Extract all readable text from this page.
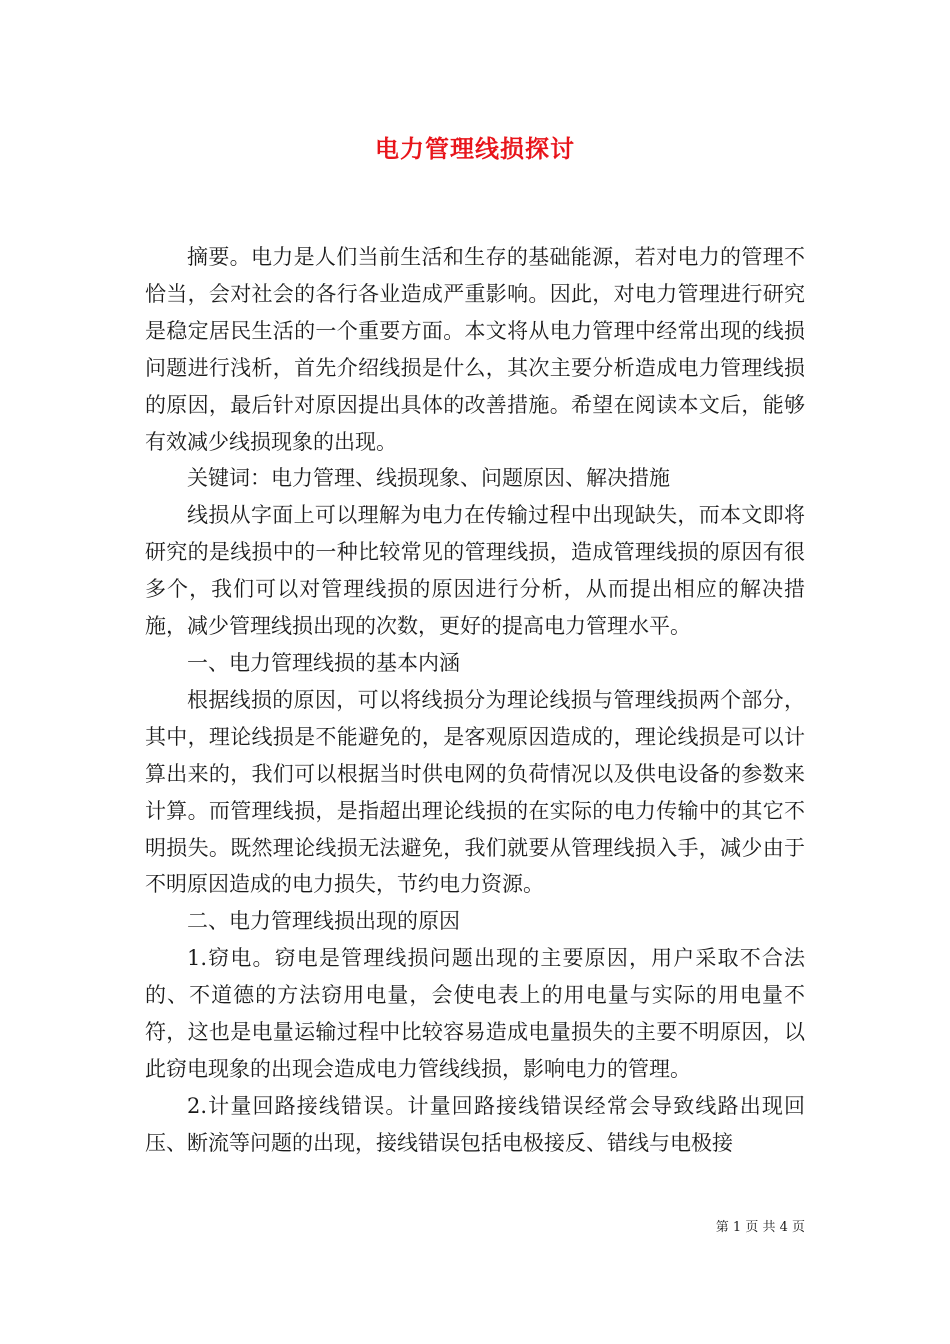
电力管理线损探讨

摘要。电力是人们当前生活和生存的基础能源，若对电力的管理不恰当，会对社会的各行各业造成严重影响。因此，对电力管理进行研究是稳定居民生活的一个重要方面。本文将从电力管理中经常出现的线损问题进行浅析，首先介绍线损是什么，其次主要分析造成电力管理线损的原因，最后针对原因提出具体的改善措施。希望在阅读本文后，能够有效减少线损现象的出现。

关键词：电力管理、线损现象、问题原因、解决措施

线损从字面上可以理解为电力在传输过程中出现缺失，而本文即将研究的是线损中的一种比较常见的管理线损，造成管理线损的原因有很多个，我们可以对管理线损的原因进行分析，从而提出相应的解决措施，减少管理线损出现的次数，更好的提高电力管理水平。

一、电力管理线损的基本内涵

根据线损的原因，可以将线损分为理论线损与管理线损两个部分，其中，理论线损是不能避免的，是客观原因造成的，理论线损是可以计算出来的，我们可以根据当时供电网的负荷情况以及供电设备的参数来计算。而管理线损，是指超出理论线损的在实际的电力传输中的其它不明损失。既然理论线损无法避免，我们就要从管理线损入手，减少由于不明原因造成的电力损失，节约电力资源。

二、电力管理线损出现的原因

1.窃电。窃电是管理线损问题出现的主要原因，用户采取不合法的、不道德的方法窃用电量，会使电表上的用电量与实际的用电量不符，这也是电量运输过程中比较容易造成电量损失的主要不明原因，以此窃电现象的出现会造成电力管线线损，影响电力的管理。

2.计量回路接线错误。计量回路接线错误经常会导致线路出现回压、断流等问题的出现，接线错误包括电极接反、错线与电极接

第 1 页 共 4 页
